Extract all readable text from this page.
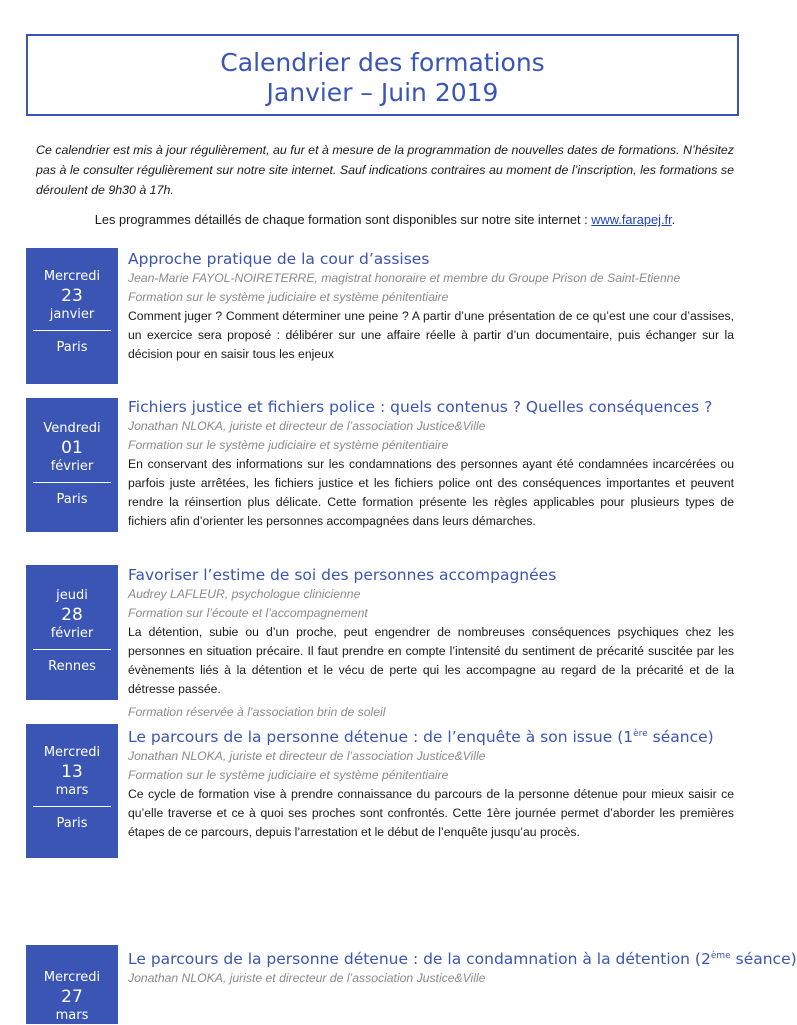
Calendrier des formations
Janvier – Juin 2019
Ce calendrier est mis à jour régulièrement, au fur et à mesure de la programmation de nouvelles dates de formations. N’hésitez pas à le consulter régulièrement sur notre site internet. Sauf indications contraires au moment de l’inscription, les formations se déroulent de 9h30 à 17h.
Les programmes détaillés de chaque formation sont disponibles sur notre site internet : www.farapej.fr.
Mercredi
23
janvier
Paris
Approche pratique de la cour d’assises
Jean-Marie FAYOL-NOIRETERRE, magistrat honoraire et membre du Groupe Prison de Saint-Etienne
Formation sur le système judiciaire et système pénitentiaire
Comment juger ? Comment déterminer une peine ? A partir d’une présentation de ce qu’est une cour d’assises, un exercice sera proposé : délibérer sur une affaire réelle à partir d’un documentaire, puis échanger sur la décision pour en saisir tous les enjeux
Vendredi
01
février
Paris
Fichiers justice et fichiers police : quels contenus ? Quelles conséquences ?
Jonathan NLOKA, juriste et directeur de l’association Justice&Ville
Formation sur le système judiciaire et système pénitentiaire
En conservant des informations sur les condamnations des personnes ayant été condamnées incarcérées ou parfois juste arrêtées, les fichiers justice et les fichiers police ont des conséquences importantes et peuvent rendre la réinsertion plus délicate. Cette formation présente les règles applicables pour plusieurs types de fichiers afin d’orienter les personnes accompagnées dans leurs démarches.
jeudi
28
février
Rennes
Favoriser l’estime de soi des personnes accompagnées
Audrey LAFLEUR, psychologue clinicienne
Formation sur l’écoute et l’accompagnement
La détention, subie ou d’un proche, peut engendrer de nombreuses conséquences psychiques chez les personnes en situation précaire. Il faut prendre en compte l’intensité du sentiment de précarité suscitée par les évènements liés à la détention et le vécu de perte qui les accompagne au regard de la précarité et de la détresse passée.
Formation réservée à l’association brin de soleil
Mercredi
13
mars
Paris
Le parcours de la personne détenue : de l’enquête à son issue (1ère séance)
Jonathan NLOKA, juriste et directeur de l’association Justice&Ville
Formation sur le système judiciaire et système pénitentiaire
Ce cycle de formation vise à prendre connaissance du parcours de la personne détenue pour mieux saisir ce qu’elle traverse et ce à quoi ses proches sont confrontés. Cette 1ère journée permet d’aborder les premières étapes de ce parcours, depuis l’arrestation et le début de l’enquête jusqu’au procès.
Mercredi
27
mars
Le parcours de la personne détenue : de la condamnation à la détention (2ème séance)
Jonathan NLOKA, juriste et directeur de l’association Justice&Ville
